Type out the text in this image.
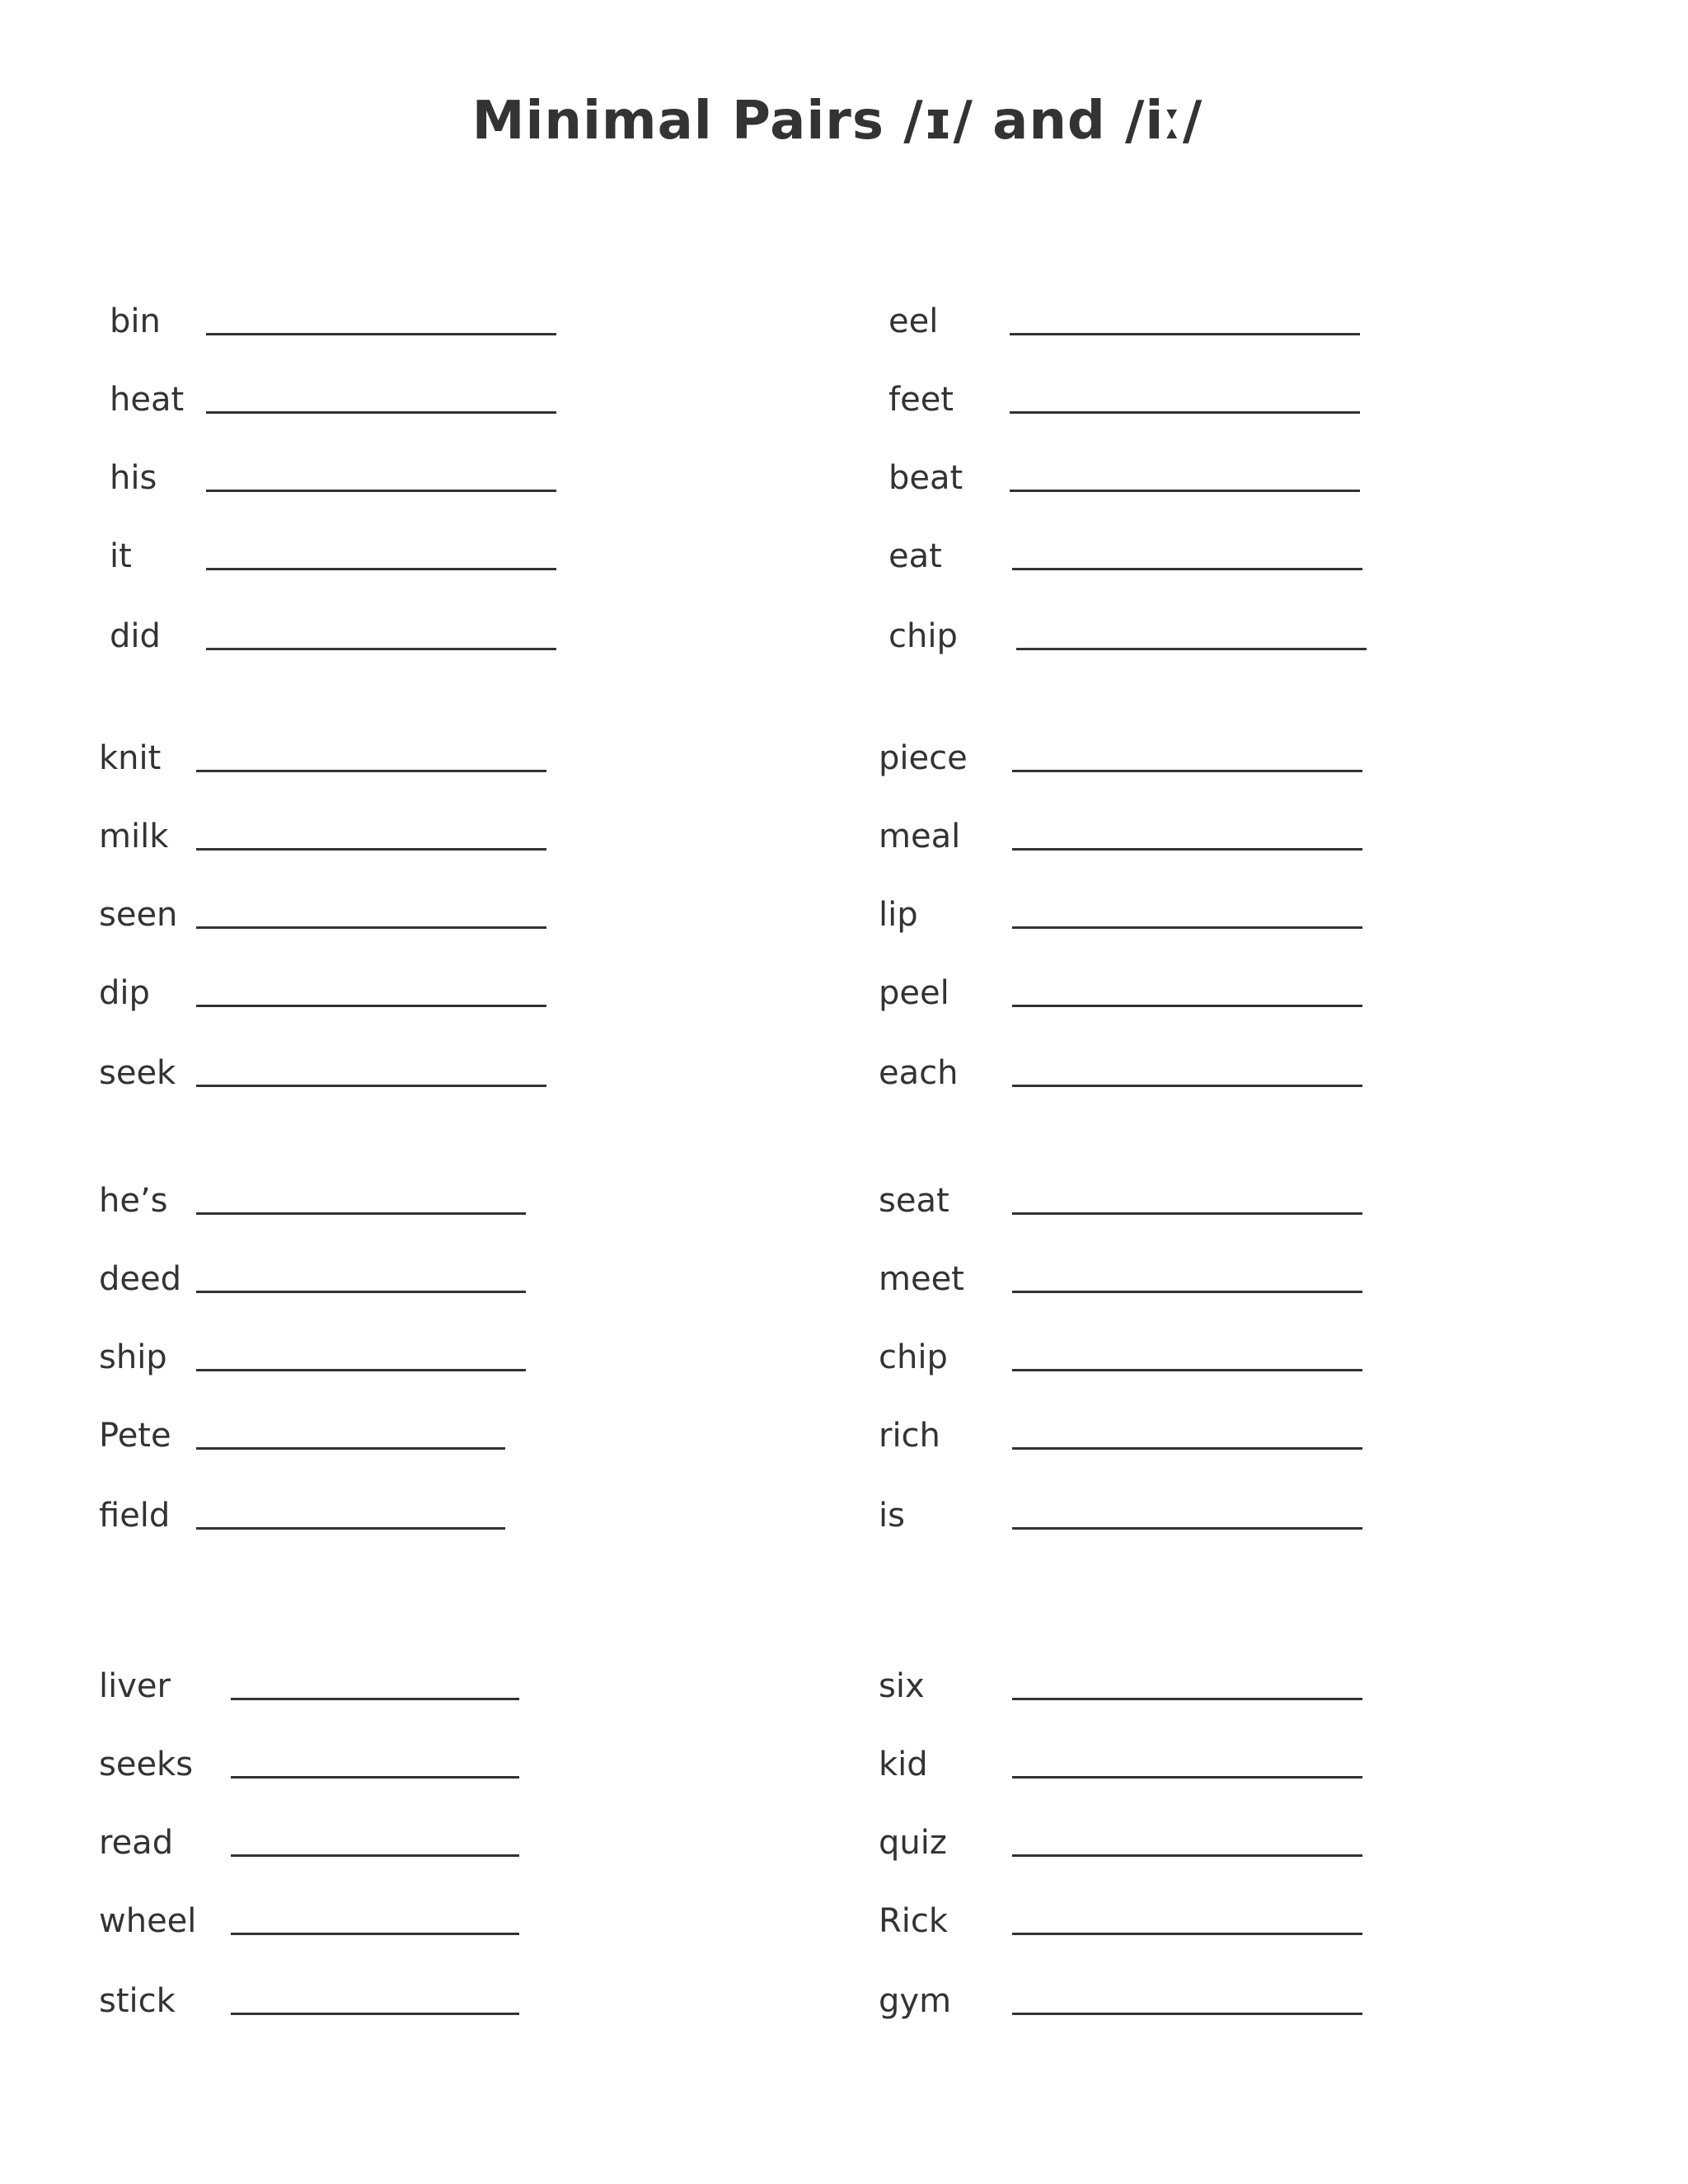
Minimal Pairs /ɪ/ and /iː/
bin
heat
his
it
did
eel
feet
beat
eat
chip
knit
milk
seen
dip
seek
piece
meal
lip
peel
each
he’s
deed
ship
Pete
field
seat
meet
chip
rich
is
liver
seeks
read
wheel
stick
six
kid
quiz
Rick
gym
